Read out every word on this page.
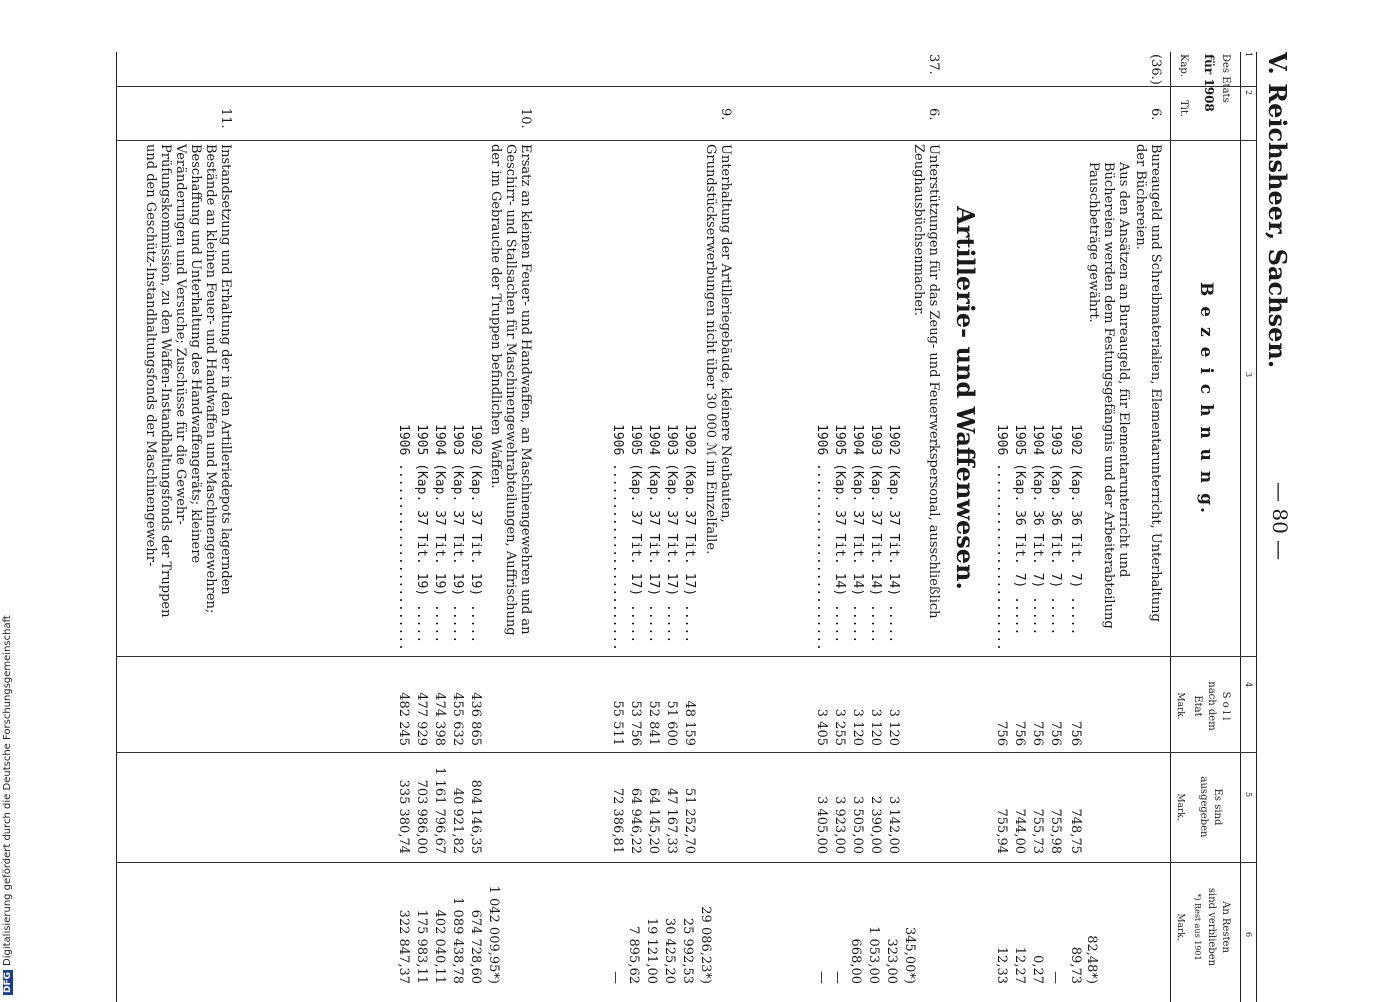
V. Reichsheer, Sachsen.
— 80 —
1
2
3
4
5
6
Des Etats
für 1908
Kap.
Tit.
B e z e i c h n u n g.
S o l l
nach dem
Etat
Mark.
Es sind
ausgegeben
Mark.
An Resten
sind verblieben
*) Rest aus 1901
Mark.
(36.)
6.
Bureaugeld und Schreibmaterialien, Elementarunterricht, Unterhaltung der Büchereien.
Aus den Ansätzen an Bureaugeld, für Elementarunterricht und Büchereien werden dem Festungsgefängnis und der Arbeiterabteilung Pauschbeträge gewährt.
1902 (Kap. 36 Tit. 7) .....
756
748,75
82,48*)
1903 (Kap. 36 Tit. 7) .....
756
755,98
89,73
1904 (Kap. 36 Tit. 7) .....
756
755,73
—
1905 (Kap. 36 Tit. 7) .....
756
744,00
0,27
1906 ........................
756
755,94
12,27
12,33
Artillerie- und Waffenwesen.
37.
6.
Unterstützungen für das Zeug- und Feuerwerkspersonal, ausschließlich Zeughausbüchsenmacher.
1902 (Kap. 37 Tit. 14) .....
3 120
3 142,00
345,00*)
1903 (Kap. 37 Tit. 14) .....
3 120
2 390,00
323,00
1904 (Kap. 37 Tit. 14) .....
3 120
3 505,00
1 053,00
1905 (Kap. 37 Tit. 14) .....
3 255
3 923,00
668,00
1906 ........................
3 405
3 405,00
—
—
9.
Unterhaltung der Artilleriegebäude, kleinere Neubauten, Grundstückserwerbungen nicht über 30 000 ℳ im Einzelfalle.
1902 (Kap. 37 Tit. 17) .....
48 159
51 252,70
29 086,23*)
1903 (Kap. 37 Tit. 17) .....
51 600
47 167,33
25 992,53
1904 (Kap. 37 Tit. 17) .....
52 841
64 145,20
30 425,20
1905 (Kap. 37 Tit. 17) .....
53 756
64 946,22
19 121,00
1906 ........................
55 511
72 386,81
7 895,62
—
10.
Ersatz an kleinen Feuer- und Handwaffen, an Maschinengewehren und an Geschirr- und Stallsachen für Maschinengewehrabteilungen, Auffrischung der im Gebrauche der Truppen befindlichen Waffen.
1902 (Kap. 37 Tit. 19) .....
436 865
804 146,35
1 042 009,95*)
1903 (Kap. 37 Tit. 19) .....
455 632
40 921,82
674 728,60
1904 (Kap. 37 Tit. 19) .....
474 398
1 161 796,67
1 089 438,78
1905 (Kap. 37 Tit. 19) .....
477 929
703 986,00
402 040,11
1906 ........................
482 245
335 380,74
175 983,11
322 847,37
11.
Instandsetzung und Erhaltung der in den Artilleriedepots lagernden Bestände an kleinen Feuer- und Handwaffen und Maschinengewehren; Beschaffung und Unterhaltung des Handwaffengeräts; kleinere Veränderungen und Versuche; Zuschüsse für die Gewehr-Prüfungskommission, zu den Waffen-Instandhaltungsfonds der Truppen und den Geschütz-Instandhaltungsfonds der Maschinengewehr-
DFGDigitalisierung gefördert durch die Deutsche Forschungsgemeinschaft
